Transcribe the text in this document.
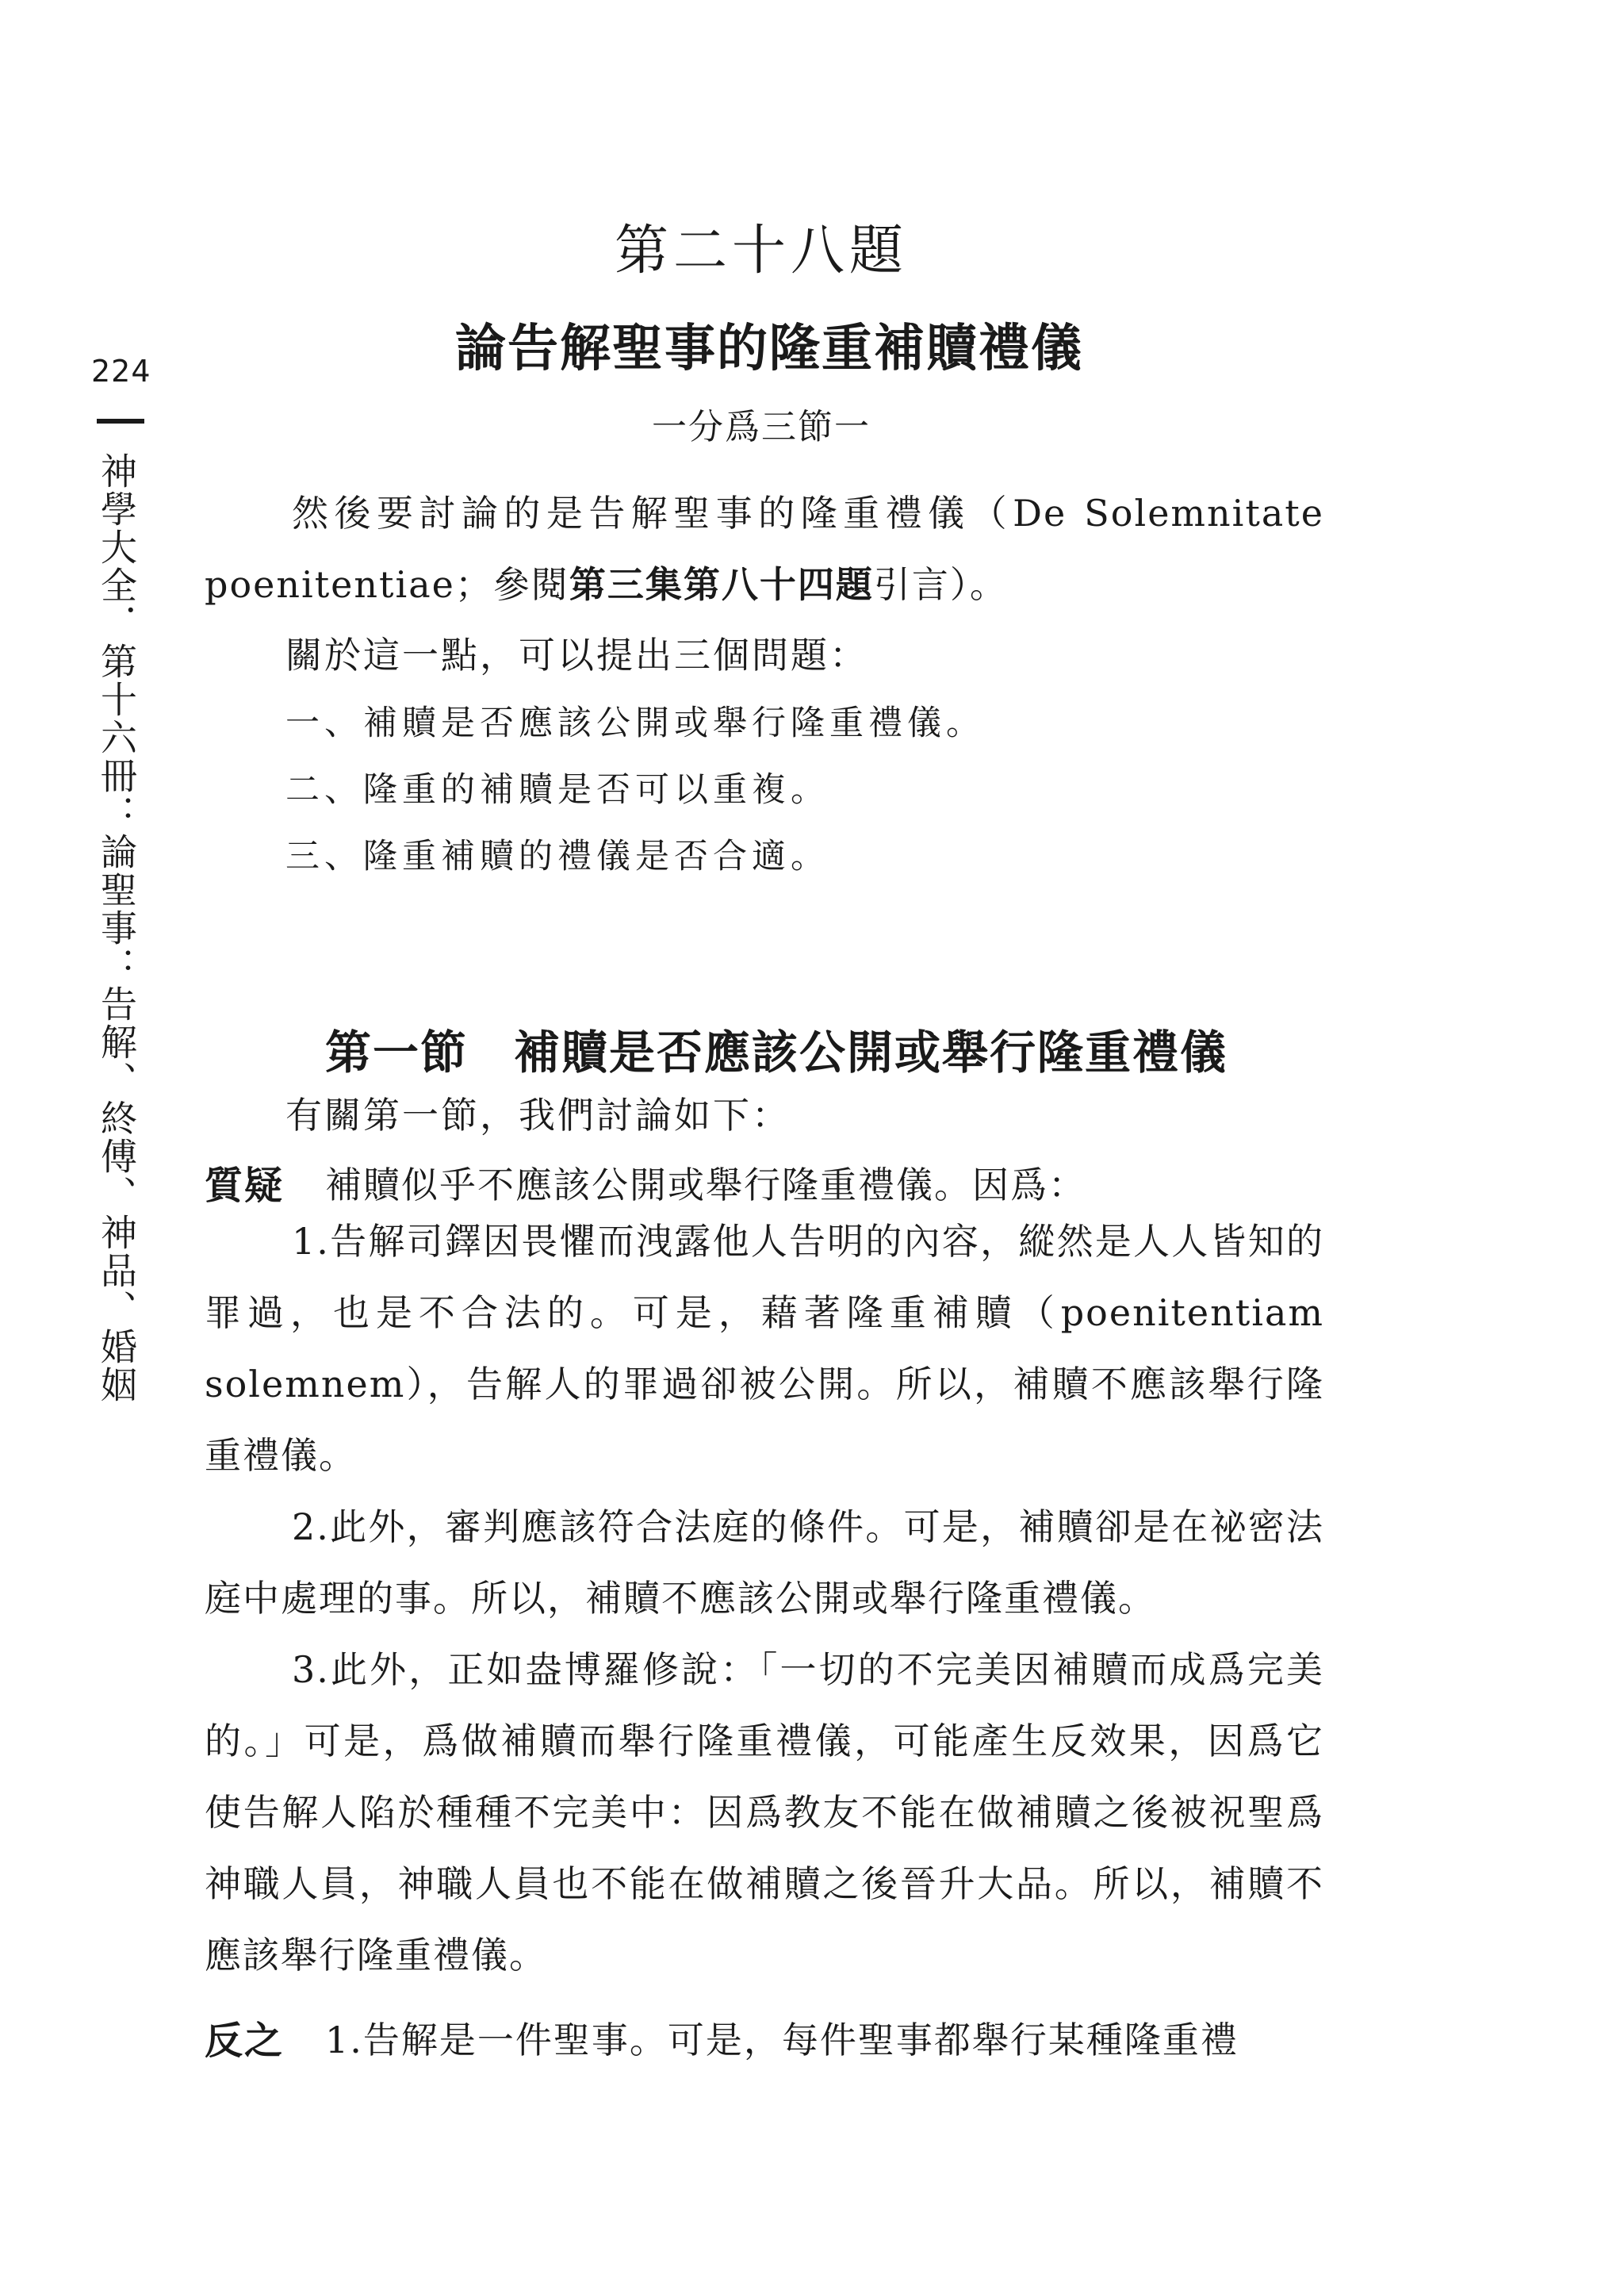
224
神學大全．第十六冊：論聖事：告解、終傅、神品、婚姻
第二十八題
論告解聖事的隆重補贖禮儀
一分爲三節一
然後要討論的是告解聖事的隆重禮儀（De Solemnitate poenitentiae；參閱第三集第八十四題引言）。
關於這一點，可以提出三個問題：
一、補贖是否應該公開或舉行隆重禮儀。
二、隆重的補贖是否可以重複。
三、隆重補贖的禮儀是否合適。
第一節 補贖是否應該公開或舉行隆重禮儀
有關第一節，我們討論如下：
質疑 補贖似乎不應該公開或舉行隆重禮儀。因爲：
1.告解司鐸因畏懼而洩露他人告明的內容，縱然是人人皆知的罪過，也是不合法的。可是，藉著隆重補贖（poenitentiam solemnem），告解人的罪過卻被公開。所以，補贖不應該舉行隆重禮儀。
2.此外，審判應該符合法庭的條件。可是，補贖卻是在祕密法庭中處理的事。所以，補贖不應該公開或舉行隆重禮儀。
3.此外，正如盎博羅修說：「一切的不完美因補贖而成爲完美的。」可是，爲做補贖而舉行隆重禮儀，可能產生反效果，因爲它使告解人陷於種種不完美中：因爲教友不能在做補贖之後被祝聖爲神職人員，神職人員也不能在做補贖之後晉升大品。所以，補贖不應該舉行隆重禮儀。
反之 1.告解是一件聖事。可是，每件聖事都舉行某種隆重禮
